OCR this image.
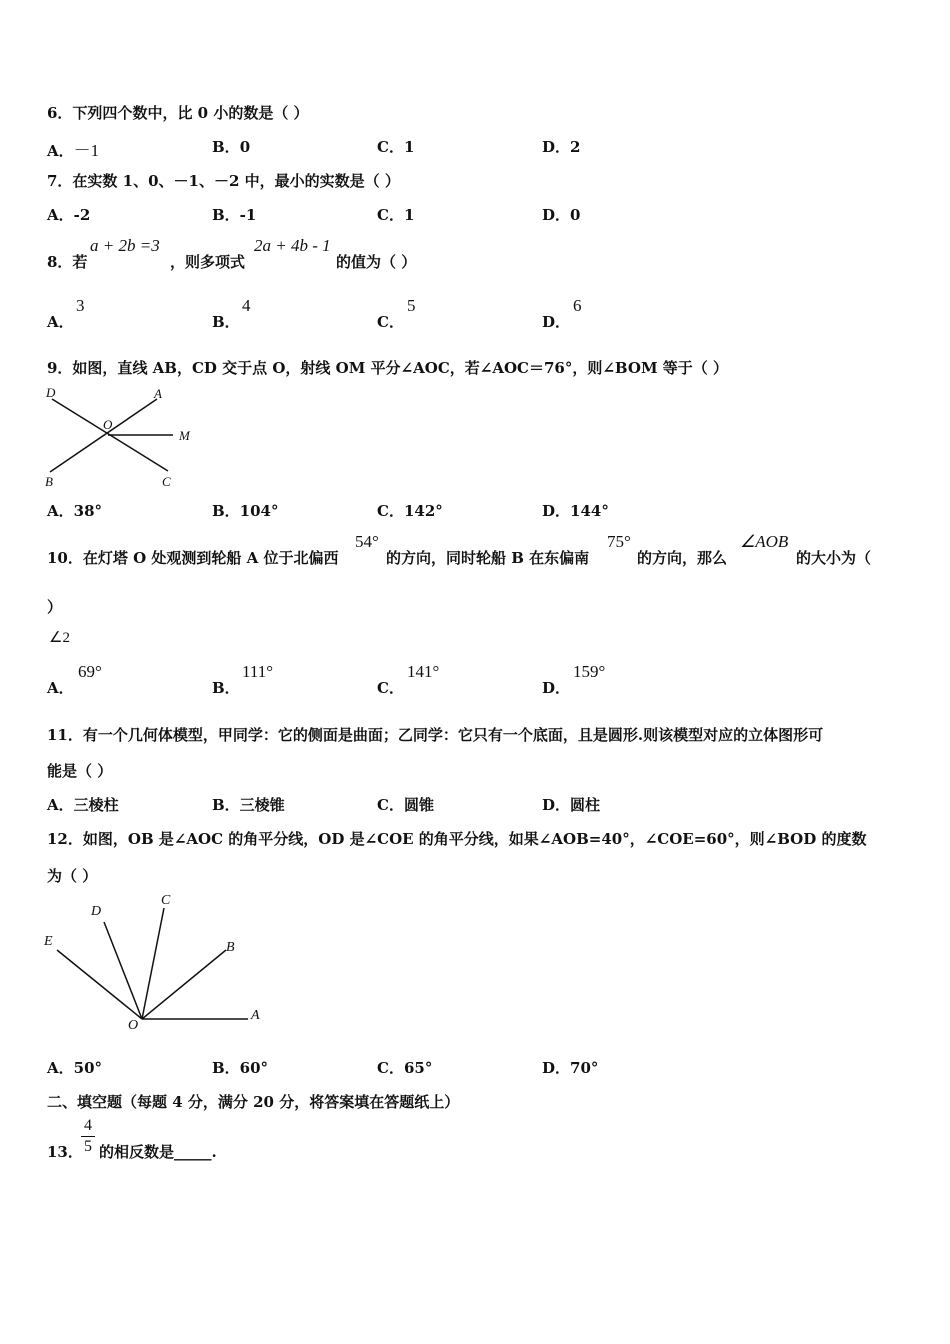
6．下列四个数中，比 0 小的数是（ ）
A．－1	B．0	C．1	D．2
7．在实数 1、0、－1、－2 中，最小的实数是（ ）
A．-2	B．-1	C．1	D．0
8．若
a + 2b =3
，则多项式
2a + 4b - 1
的值为（ ）
A．
3
B．
4
C．
5
D．
6
9．如图，直线 AB，CD 交于点 O，射线 OM 平分∠AOC，若∠AOC＝76°，则∠BOM 等于（ ）
D	A
O
M
B	C
A．38°	B．104°	C．142°	D．144°
10．在灯塔 O 处观测到轮船 A 位于北偏西
54°
的方向，同时轮船 B 在东偏南
75°
的方向，那么
∠AOB
的大小为（
）
∠2
A．
69°
B．
111°
C．
141°
D．
159°
11．有一个几何体模型，甲同学：它的侧面是曲面；乙同学：它只有一个底面，且是圆形.则该模型对应的立体图形可
能是（ ）
A．三棱柱	B．三棱锥	C．圆锥	D．圆柱
12．如图，OB 是∠AOC 的角平分线，OD 是∠COE 的角平分线，如果∠AOB=40°，∠COE=60°，则∠BOD 的度数
为（ ）
D
C
E	B
O
A
A．50°	B．60°	C．65°	D．70°
二、填空题（每题 4 分，满分 20 分，将答案填在答题纸上）
13．
4
5 的相反数是_____.
